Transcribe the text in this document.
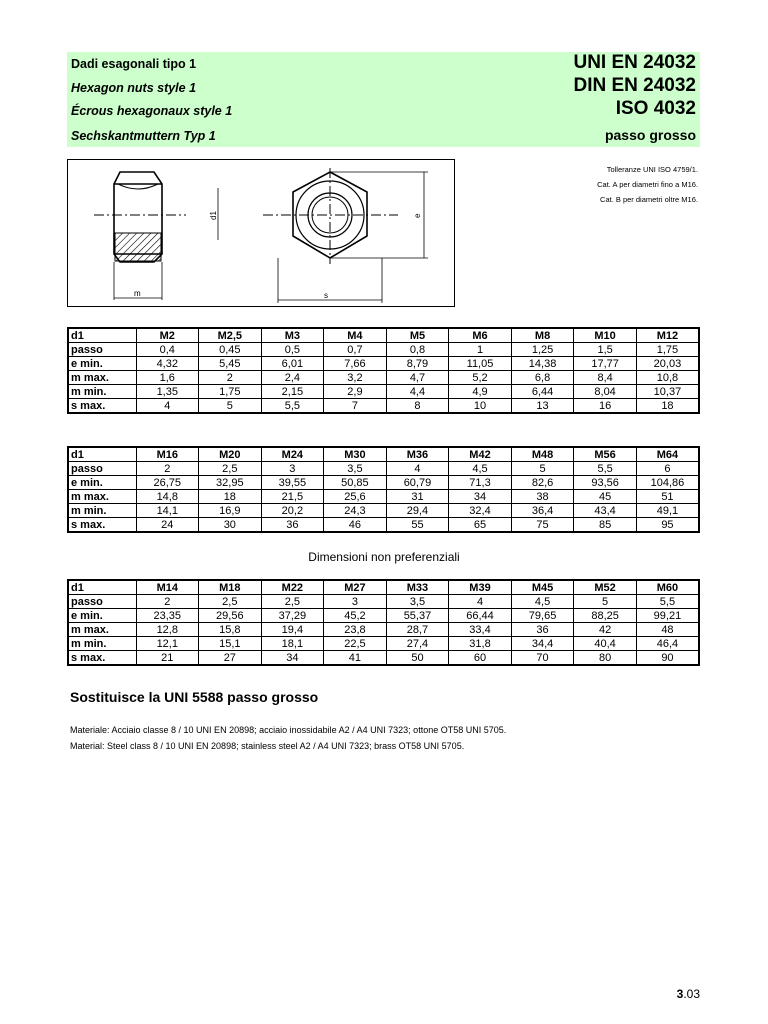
Dadi esagonali tipo 1
Hexagon nuts style 1
Écrous hexagonaux style 1
Sechskantmuttern Typ 1
UNI EN 24032
DIN EN 24032
ISO 4032
passo grosso
m
d1	e
s
Tolleranze UNI ISO 4759/1.
Cat. A per diametri fino a M16.
Cat. B per diametri oltre M16.
d1	M2	M2,5	M3	M4	M5	M6	M8	M10	M12
passo	0,4	0,45	0,5	0,7	0,8	1	1,25	1,5	1,75
e min.	4,32	5,45	6,01	7,66	8,79	11,05	14,38	17,77	20,03
m max.	1,6	2	2,4	3,2	4,7	5,2	6,8	8,4	10,8
m min.	1,35	1,75	2,15	2,9	4,4	4,9	6,44	8,04	10,37
s max.	4	5	5,5	7	8	10	13	16	18
d1	M16	M20	M24	M30	M36	M42	M48	M56	M64
passo	2	2,5	3	3,5	4	4,5	5	5,5	6
e min.	26,75	32,95	39,55	50,85	60,79	71,3	82,6	93,56	104,86
m max.	14,8	18	21,5	25,6	31	34	38	45	51
m min.	14,1	16,9	20,2	24,3	29,4	32,4	36,4	43,4	49,1
s max.	24	30	36	46	55	65	75	85	95
Dimensioni non preferenziali
d1	M14	M18	M22	M27	M33	M39	M45	M52	M60
passo	2	2,5	2,5	3	3,5	4	4,5	5	5,5
e min.	23,35	29,56	37,29	45,2	55,37	66,44	79,65	88,25	99,21
m max.	12,8	15,8	19,4	23,8	28,7	33,4	36	42	48
m min.	12,1	15,1	18,1	22,5	27,4	31,8	34,4	40,4	46,4
s max.	21	27	34	41	50	60	70	80	90
Sostituisce la UNI 5588 passo grosso
Materiale: Acciaio classe 8 / 10 UNI EN 20898; acciaio inossidabile A2 / A4 UNI 7323; ottone OT58 UNI 5705.
Material: Steel class 8 / 10 UNI EN 20898; stainless steel A2 / A4 UNI 7323; brass OT58 UNI 5705.
3.03
